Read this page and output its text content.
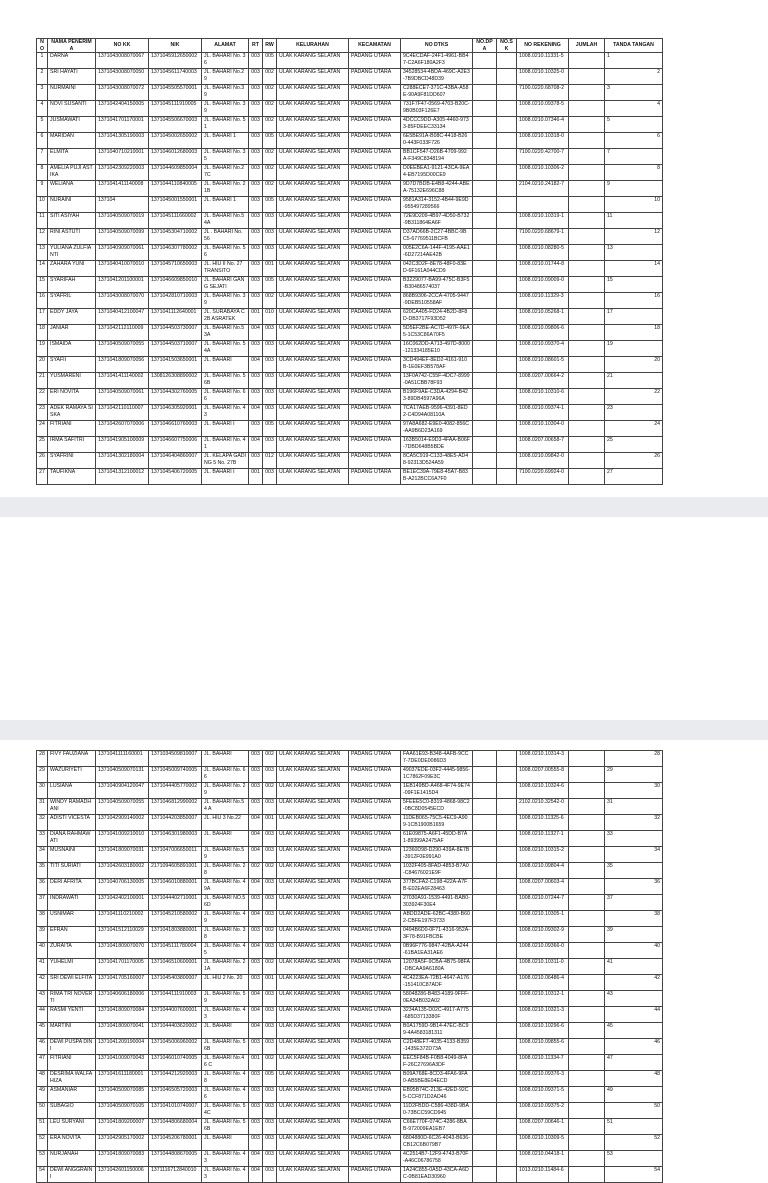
NO	NAMA PENERIMA	NO KK	NIK	ALAMAT	RT	RW	KELURAHAN	KECAMATAN	NO DTKS	NO.DPA	NO.SK	NO REKENING	JUMLAH	TANDA TANGAN
1	DARNA	1371043008070067	1371045912650002	JL. BAHARI No. 36	003	005	ULAK KARANG SELATAN	PADANG UTARA	9C4ECDAF-24F1-4961-BB47-C2A6F180A2F3			1008.0210.11331-5		1
2	SRI HAYATI	1371043008070050	1371045611740003	JL. BAHARI No.29	003	002	ULAK KARANG SELATAN	PADANG UTARA	34528534-4BDA-469C-A2E3-7B9DBCD48D39			1008.0210.10325-0		2
3	NURMAINI	1371043008070072	1371045505570001	JL. BAHARI No.39	003	002	ULAK KARANG SELATAN	PADANG UTARA	C288ECE7-371C-43BA-A58E-90A9F81DD607			7100.0220.68708-2		3
4	NOVI SUSANTI	1371042404150005	1371045111910005	JL. BAHARI No. 39	003	002	ULAK KARANG SELATAN	PADANG UTARA	731F7F47-0569-4703-B20C-9B0B03F126E7			1008.0210.09378-5		4
5	JUSMAWATI	1371041701170001	1371045506670003	JL. BAHARI No. 51	003	002	ULAK KARANG SELATAN	PADANG UTARA	4DCCC9DD-A305-4460-9733-85FDEEC33134			1008.0210.07346-4		5
6	MARIDAN	1371041305190003	1371045002650002	JL. BAHARI 1	003	005	ULAK KARANG SELATAN	PADANG UTARA	6E5BE91A-B08C-4418-B260-443F033F726			1008.0210.10318-0		6
7	ELMITA	1371040710210001	1371046012680003	JL. BAHARI No. 35	003	002	ULAK KARANG SELATAN	PADANG UTARA	BB1CF547-D26B-4709-992A-F349C8348194			7100.0220.42700-7		7
8	AMELIA PUJI ASTIKA	1371042309220003	1371044609850004	JL. BAHARI No.27C	003	002	ULAK KARANG SELATAN	PADANG UTARA	D0EEBEA1-9121-43CA-9EA4-EB7195D00CE9			1008.0210.10306-2		8
9	WELIANA	1371041411140008	1371044110840005	JL. BAHARI No. 21B	003	002	ULAK KARANG SELATAN	PADANG UTARA	9D7D7BDB-E4B8-4244-ABEA-75132E696C88			2104.0210.24182-7		9
10	NURAINI	137104	1371045001550001	JL. BAHARI 1	003	005	ULAK KARANG SELATAN	PADANG UTARA	9581A314-3152-4B44-9E9D-955497289566					10
11	SITI ASIYAH	1371040509070019	1371045111660002	JL. BAHARI No.54A	003	003	ULAK KARANG SELATAN	PADANG UTARA	72E9D209-4B97-4D50-B732-9B311864EA6F			1008.0210.10319-1		11
12	RINI ASTUTI	1371040509070099	1371045304710002	JL . BAHARI No. 56	003	003	ULAK KARANG SELATAN	PADANG UTARA	D37AD66B-2C27-4BBC-9BC5-67769511BCFB			7100.0220.68679-1		12
13	YULIANA ZULFIANTI	1371040909070061	1371046307780002	JL. BAHARI No. 56	003	003	ULAK KARANG SELATAN	PADANG UTARA	005E2C6A-144F-4195-AAE1-6D27214AE42B			1008.0210.08280-5		13
14	ZAHARA YUNI	1371040410070010	1371045710650003	JL. HIU II No. 27 TRANSITO	003	001	ULAK KARANG SELATAN	PADANG UTARA	042C3D2F-8E78-48F0-83ED-6F161A044CD9			1008.0210.01744-8		14
15	SYARIFAH	1371041201100001	1371046609850010	JL. BAHARI GANG SEJATI	003	005	ULAK KARANG SELATAN	PADANG UTARA	B3229077-BA99-475C-B3F5-B30486574037			1008.0210.09009-0		15
16	SYAFRIL	1371043008070070	1371042810710003	JL. BAHARI No. 39	003	002	ULAK KARANG SELATAN	PADANG UTARA	868B9306-2CCA-4705-9447-9DEB510558AF			1008.0210.11329-3		16
17	EDDY JAYA	1371040412100047	1371041112640001	JL. SURABAYA C 2B ASRATEK	001	010	ULAK KARANG SELATAN	PADANG UTARA	620CA405-FD24-4B2D-8F8D-DB3717F93D52			1008.0210.05268-1		17
18	JANIAR	1371042112110009	1371044503730007	JL. BAHARI No.53A	004	003	ULAK KARANG SELATAN	PADANG UTARA	5D5EF2BE-AC7D-497F-9EA5-1C53C86A70F5			1008.0210.09806-6		18
19	ISMAIDA	1371040509070055	1371044503710007	JL. BAHARI No. 54A	003	003	ULAK KARANG SELATAN	PADANG UTARA	16C062DD-A713-497D-8000-121334185E10			1008.0210.09370-4		19
20	SYAFII	1371041809070056	1371041503650001	JL. BAHARI	004	003	ULAK KARANG SELATAN	PADANG UTARA	3CD494EF-8ED2-4161-910B-1E0EF3B578AF			1008.0210.08601-5		20
21	YUSMARENI	1371041411140002	1308126308890002	JL. BAHARI No. 56B	003	003	ULAK KARANG SELATAN	PADANG UTARA	13F0A742-C55F-4DC7-8999-0A51CBB78F93			1008.0207.00664-2		21
22	ERI NOVITA	1371040509070061	1371044302760005	JL. BAHARI No. 66	003	003	ULAK KARANG SELATAN	PADANG UTARA	B196F9AE-C3DA-4294-B423-89DB4597A96A			1008.0210.10310-6		22
23	ADEK RAMAYA SISKA	1371042110110007	1371046305920001	JL. BAHARI No. 43	004	003	ULAK KARANG SELATAN	PADANG UTARA	7CA17AEB-9596-4391-8ED2-C4D94A08110A			1008.0210.09374-1		23
24	FITRIANI	1371042607070006	1371046610760003	JL. BAHARI I	003	005	ULAK KARANG SELATAN	PADANG UTARA	97A8A682-E9E0-4082-856C-AA9B6D23A169			1008.0210.10304-0		24
25	IRMA SAFITRI	1371041905100009	1371046607750006	JL. BAHARI No. 41	004	003	ULAK KARANG SELATAN	PADANG UTARA	163B5014-E9D3-4FAA-B06F-7DBD648B5BDE			1008.0207.00658-7		25
26	SYAFRINI	1371041302180004	1371046404860007	JL. KELAPA GADING 5 No. 27B	003	012	ULAK KARANG SELATAN	PADANG UTARA	8CA5C919-C133-48E5-AD48-92313D524A59			1008.0210.09842-0		26
27	TAUFIKNA	1371041312100012	1371045406720005	JL. BAHARI I	001	003	ULAK KARANG SELATAN	PADANG UTARA	BE1EC39A-79E8-45A7-B83B-A212BCC6A7F0			7100.0220.69924-0		27
28	FIVY FAUZIANA	1371041111160001	1371034509810007	JL. BAHARI	003	002	ULAK KARANG SELATAN	PADANG UTARA	FAA61E93-B348-4AFB-9CC7-7DE0DE0086D3			1008.0210.10314-3		28
29	WAZURIYETI	1371040509070131	1371045009740005	JL. BAHARI No. 66	003	003	ULAK KARANG SELATAN	PADANG UTARA	49037EDE-03F2-4445-9856-1C7862F09E3C			1008.0207.00555-8		29
30	LUSIANA	1371040904120047	1371044405770002	JL. BAHARI No. 29	003	002	ULAK KARANG SELATAN	PADANG UTARA	1EB149BD-A468-4F74-9E74-09F1E1415D4			1008.0210.10324-6		30
31	WINDY RAMADHANI	1371040509070055	1371046812990002	JL. BAHARI No.54 A	003	003	ULAK KARANG SELATAN	PADANG UTARA	5FEEE5C0-8319-4868-98C2-0BC8D0545ECD			2102.0210.32542-0		31
32	ADISTI VICESTA	1371042909140002	1371044203850007	JL. HIU 3 No.22	004	001	ULAK KARANG SELATAN	PADANG UTARA	11DEB065-75C5-4EC9-A909-1CB1900B1659			1008.0210.11325-6		32
33	DIANA RAHMAWATI	1371041009210010	1371046301980003	JL. BAHARI	004	003	ULAK KARANG SELATAN	PADANG UTARA	61E09875-A6F1-45DD-B7A1-89399A2475AF			1008.0210.11327-1		33
34	MUSNAINI	1371041809070031	1371047006650011	JL. BAHARI No.59	004	003	ULAK KARANG SELATAN	PADANG UTARA	12360D98-D290-439A-8E7B-3912F0E991A0			1008.0210.10315-2		34
35	TITI SURIATI	1371042603180002	2171094605891001	JL. BAHARI No. 28	002	002	ULAK KARANG SELATAN	PADANG UTARA	1032F405-8FAD-4853-B7A0-C84676021E9F			1008.0210.09804-4		35
36	DERI AFRITA	1371040706130005	1371046010880001	JL. BAHARI No. 49A	004	003	ULAK KARANG SELATAN	PADANG UTARA	377BCFA2-C198-422A-A7FB-E02EA6F28463			1008.0207.00603-4		36
37	INDRAWATI	1371042402100001	1371044402710001	JL. BAHARI NO.56D	003	003	ULAK KARANG SELATAN	PADANG UTARA	27030A91-1539-4491-BAB0-303924F30E4			1008.0210.07244-7		37
38	USNIMAR	1371041110210002	1371045210580002	JL. BAHARI No. 49	004	003	ULAK KARANG SELATAN	PADANG UTARA	ABDD2ADE-62BC-4380-B602-CBFE197F3733			1008.0210.10305-1		38
39	EFRAN	1371041512110029	1371041803880001	JL. BAHARI No. 38	003	002	ULAK KARANG SELATAN	PADANG UTARA	0494B6D0-0F71-4316-952A-3F78-B91FBCBE			1008.0210.09302-9		39
40	ZURAITA	1371041809070070	1371045111780004	JL. BAHARI No. 45	004	003	ULAK KARANG SELATAN	PADANG UTARA	0B96F776-9847-42BA-A244-61BA1EA31AE6			1008.0210.09366-0		40
41	YUHELMI	1371041701170005	1371046510600001	JL. BAHARI No. 21A	003	002	ULAK KARANG SELATAN	PADANG UTARA	12078A5F-9CBA-4B75-98FA-DBCAA9A6180A			1008.0210.10311-0		41
42	SRI DEWI ELFITA	1371041705160007	1371045403800007	JL. HIU 2 No. 20	003	001	ULAK KARANG SELATAN	PADANG UTARA	4C4223EA-72B1-4647-A176-151410C87ADF			1008.0210.06486-4		42
43	RIMA TRI NOVERTI	1371040606180006	1371044111910003	JL. BAHARI No. 59	004	003	ULAK KARANG SELATAN	PADANG UTARA	58048286-B483-4189-9FFF-0EA34B032A02			1008.0210.10312-1		43
44	RASMI YENTI	1371041809070084	1371044007600001	JL. BAHARI No. 43	004	003	ULAK KARANG SELATAN	PADANG UTARA	3234A135-D02C-4917-A775-685D3713380F			1008.0210.10321-3		44
45	MARTINI	1371041809070041	1371044403620002	JL. BAHARI	004	003	ULAK KARANG SELATAN	PADANG UTARA	B0A1759D-9B14-47EC-BC99-4A4583181311			1008.0210.10296-6		45
46	DEWI PUSPA DINI	1371041209190004	1371045006960002	JL. BAHARI No. 56B	003	003	ULAK KARANG SELATAN	PADANG UTARA	C2D48EF7-4035-4133-B359-1435E372D73A			1008.0210.09855-6		46
47	FITRIANI	1371041009070043	1371046010740005	JL. BAHARI No.46 C	001	002	ULAK KARANG SELATAN	PADANG UTARA	EEC5F84B-F0B8-4049-8FAF-26C27696A3DF			1008.0210.11334-7		47
48	DESRIMA WALFAHIZA	1371041611180001	1371044212920003	JL. BAHARI No. 48	003	005	ULAK KARANG SELATAN	PADANG UTARA	B09A768E-8CD3-4FA6-9FA0-AB5BE8E04ECD			1008.0210.09376-3		48
49	ASMANIAR	1371040509070085	1371046505720003	JL. BAHARI No. 46	003	003	ULAK KARANG SELATAN	PADANG UTARA	EB95B74C-213E-42ED-92C5-CCF871D2AD46			1008.0210.09371-5		49
50	SUBAGIO	1371040509070105	1371041010740007	JL. BAHARI No. 54C	003	003	ULAK KARANG SELATAN	PADANG UTARA	11D2FBDD-C586-438D-9BA0-73BCC59CD945			1008.0210.09375-2		50
51	LEU SURYANI	1371041809200007	1371044806680004	JL. BAHARI No. 56B	003	003	ULAK KARANG SELATAN	PADANG UTARA	C66E770F-074C-4286-8BAB-972009EA1EB7			1008.0207.00646-1		51
52	ERA NOVITA	1371042905170002	1371045206780001	JL. BAHARI	003	003	ULAK KARANG SELATAN	PADANG UTARA	6804880D-6C26-4043-B636-CB12C6B079B7			1008.0210.10309-5		52
53	NURJANAH	1371041809070083	1371044808670005	JL. BAHARI No. 43	004	003	ULAK KARANG SELATAN	PADANG UTARA	4C2514B7-12F9-4743-B70F-A46C06786758			1008.0210.04418-1		53
54	DEWI ANGGRAINI	1371042601150006	1371116712840010	JL. BAHARI No. 43	004	003	ULAK KARANG SELATAN	PADANG UTARA	1A24C855-0A5D-43CA-A6DC-0B81EAD30960			1013.0210.11484-6		54
